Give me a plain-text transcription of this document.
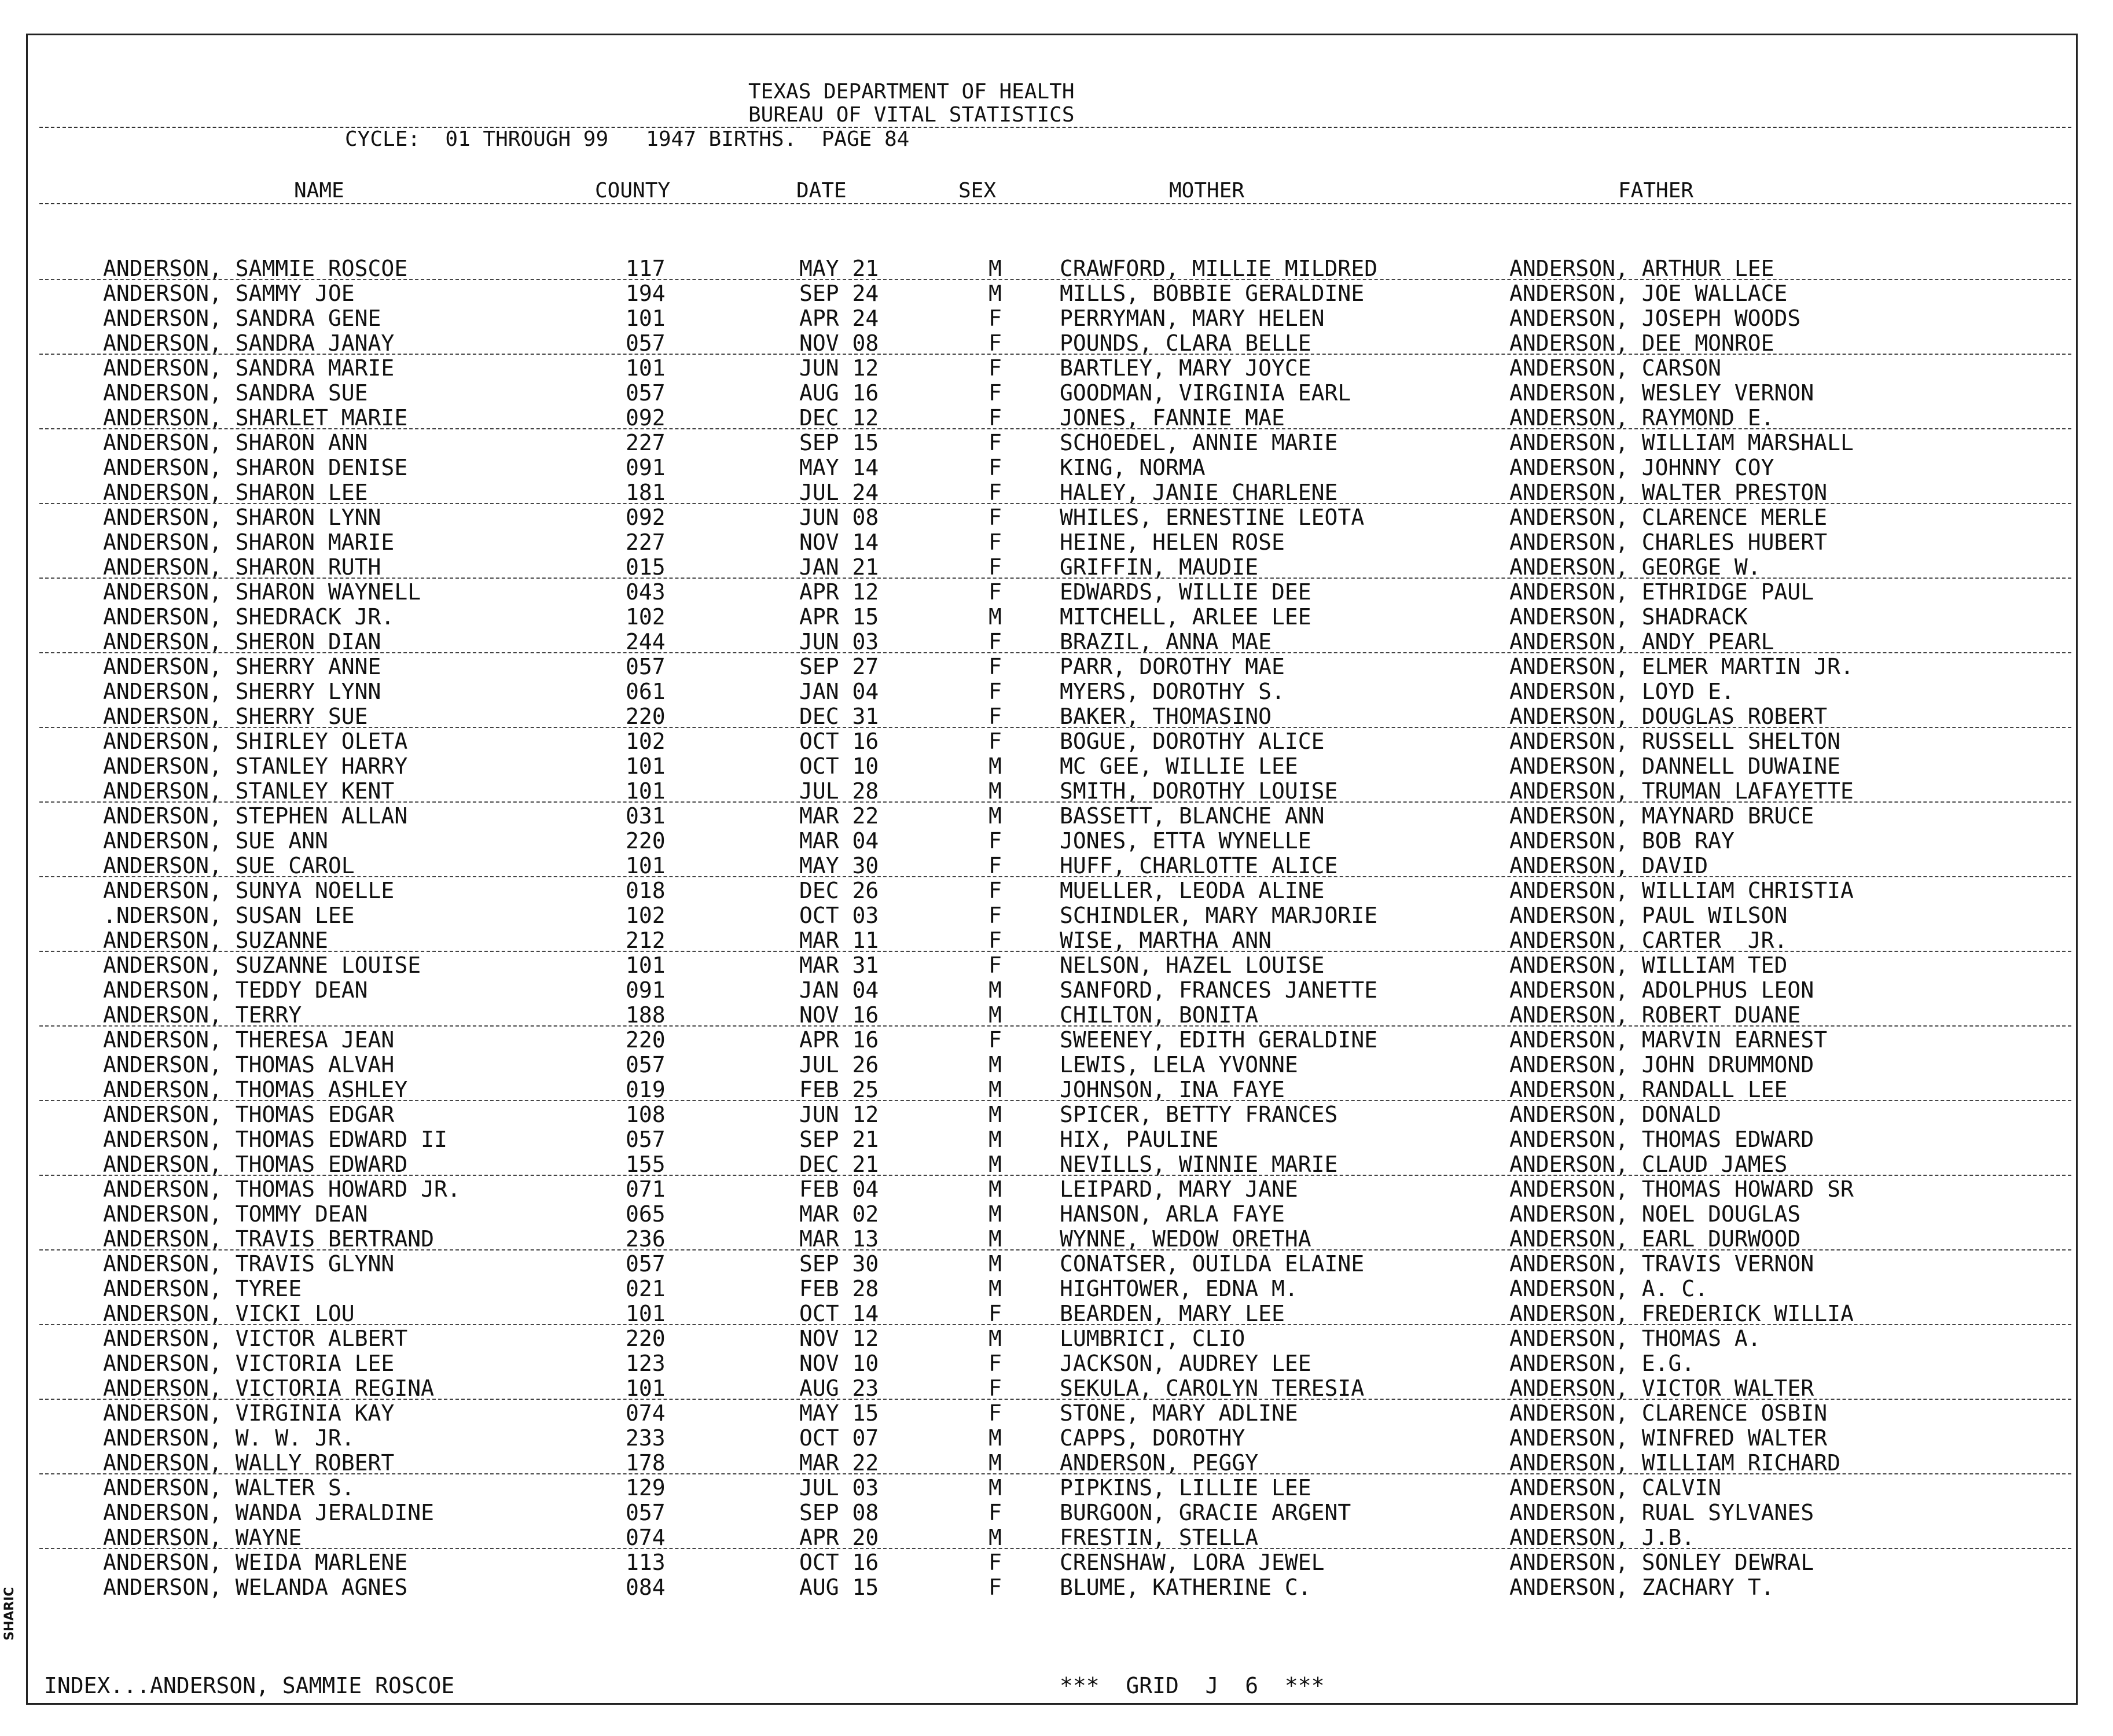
TEXAS DEPARTMENT OF HEALTH
BUREAU OF VITAL STATISTICS
CYCLE:  01 THROUGH 99   1947 BIRTHS.  PAGE 84
NAME	COUNTY	DATE	SEX	MOTHER	FATHER
ANDERSON, SAMMIE ROSCOE	117	MAY 21	M	CRAWFORD, MILLIE MILDRED	ANDERSON, ARTHUR LEE
ANDERSON, SAMMY JOE	194	SEP 24	M	MILLS, BOBBIE GERALDINE	ANDERSON, JOE WALLACE
ANDERSON, SANDRA GENE	101	APR 24	F	PERRYMAN, MARY HELEN	ANDERSON, JOSEPH WOODS
ANDERSON, SANDRA JANAY	057	NOV 08	F	POUNDS, CLARA BELLE	ANDERSON, DEE MONROE
ANDERSON, SANDRA MARIE	101	JUN 12	F	BARTLEY, MARY JOYCE	ANDERSON, CARSON
ANDERSON, SANDRA SUE	057	AUG 16	F	GOODMAN, VIRGINIA EARL	ANDERSON, WESLEY VERNON
ANDERSON, SHARLET MARIE	092	DEC 12	F	JONES, FANNIE MAE	ANDERSON, RAYMOND E.
ANDERSON, SHARON ANN	227	SEP 15	F	SCHOEDEL, ANNIE MARIE	ANDERSON, WILLIAM MARSHALL
ANDERSON, SHARON DENISE	091	MAY 14	F	KING, NORMA	ANDERSON, JOHNNY COY
ANDERSON, SHARON LEE	181	JUL 24	F	HALEY, JANIE CHARLENE	ANDERSON, WALTER PRESTON
ANDERSON, SHARON LYNN	092	JUN 08	F	WHILES, ERNESTINE LEOTA	ANDERSON, CLARENCE MERLE
ANDERSON, SHARON MARIE	227	NOV 14	F	HEINE, HELEN ROSE	ANDERSON, CHARLES HUBERT
ANDERSON, SHARON RUTH	015	JAN 21	F	GRIFFIN, MAUDIE	ANDERSON, GEORGE W.
ANDERSON, SHARON WAYNELL	043	APR 12	F	EDWARDS, WILLIE DEE	ANDERSON, ETHRIDGE PAUL
ANDERSON, SHEDRACK JR.	102	APR 15	M	MITCHELL, ARLEE LEE	ANDERSON, SHADRACK
ANDERSON, SHERON DIAN	244	JUN 03	F	BRAZIL, ANNA MAE	ANDERSON, ANDY PEARL
ANDERSON, SHERRY ANNE	057	SEP 27	F	PARR, DOROTHY MAE	ANDERSON, ELMER MARTIN JR.
ANDERSON, SHERRY LYNN	061	JAN 04	F	MYERS, DOROTHY S.	ANDERSON, LOYD E.
ANDERSON, SHERRY SUE	220	DEC 31	F	BAKER, THOMASINO	ANDERSON, DOUGLAS ROBERT
ANDERSON, SHIRLEY OLETA	102	OCT 16	F	BOGUE, DOROTHY ALICE	ANDERSON, RUSSELL SHELTON
ANDERSON, STANLEY HARRY	101	OCT 10	M	MC GEE, WILLIE LEE	ANDERSON, DANNELL DUWAINE
ANDERSON, STANLEY KENT	101	JUL 28	M	SMITH, DOROTHY LOUISE	ANDERSON, TRUMAN LAFAYETTE
ANDERSON, STEPHEN ALLAN	031	MAR 22	M	BASSETT, BLANCHE ANN	ANDERSON, MAYNARD BRUCE
ANDERSON, SUE ANN	220	MAR 04	F	JONES, ETTA WYNELLE	ANDERSON, BOB RAY
ANDERSON, SUE CAROL	101	MAY 30	F	HUFF, CHARLOTTE ALICE	ANDERSON, DAVID
ANDERSON, SUNYA NOELLE	018	DEC 26	F	MUELLER, LEODA ALINE	ANDERSON, WILLIAM CHRISTIA
.NDERSON, SUSAN LEE	102	OCT 03	F	SCHINDLER, MARY MARJORIE	ANDERSON, PAUL WILSON
ANDERSON, SUZANNE	212	MAR 11	F	WISE, MARTHA ANN	ANDERSON, CARTER  JR.
ANDERSON, SUZANNE LOUISE	101	MAR 31	F	NELSON, HAZEL LOUISE	ANDERSON, WILLIAM TED
ANDERSON, TEDDY DEAN	091	JAN 04	M	SANFORD, FRANCES JANETTE	ANDERSON, ADOLPHUS LEON
ANDERSON, TERRY	188	NOV 16	M	CHILTON, BONITA	ANDERSON, ROBERT DUANE
ANDERSON, THERESA JEAN	220	APR 16	F	SWEENEY, EDITH GERALDINE	ANDERSON, MARVIN EARNEST
ANDERSON, THOMAS ALVAH	057	JUL 26	M	LEWIS, LELA YVONNE	ANDERSON, JOHN DRUMMOND
ANDERSON, THOMAS ASHLEY	019	FEB 25	M	JOHNSON, INA FAYE	ANDERSON, RANDALL LEE
ANDERSON, THOMAS EDGAR	108	JUN 12	M	SPICER, BETTY FRANCES	ANDERSON, DONALD
ANDERSON, THOMAS EDWARD II	057	SEP 21	M	HIX, PAULINE	ANDERSON, THOMAS EDWARD
ANDERSON, THOMAS EDWARD	155	DEC 21	M	NEVILLS, WINNIE MARIE	ANDERSON, CLAUD JAMES
ANDERSON, THOMAS HOWARD JR.	071	FEB 04	M	LEIPARD, MARY JANE	ANDERSON, THOMAS HOWARD SR
ANDERSON, TOMMY DEAN	065	MAR 02	M	HANSON, ARLA FAYE	ANDERSON, NOEL DOUGLAS
ANDERSON, TRAVIS BERTRAND	236	MAR 13	M	WYNNE, WEDOW ORETHA	ANDERSON, EARL DURWOOD
ANDERSON, TRAVIS GLYNN	057	SEP 30	M	CONATSER, OUILDA ELAINE	ANDERSON, TRAVIS VERNON
ANDERSON, TYREE	021	FEB 28	M	HIGHTOWER, EDNA M.	ANDERSON, A. C.
ANDERSON, VICKI LOU	101	OCT 14	F	BEARDEN, MARY LEE	ANDERSON, FREDERICK WILLIA
ANDERSON, VICTOR ALBERT	220	NOV 12	M	LUMBRICI, CLIO	ANDERSON, THOMAS A.
ANDERSON, VICTORIA LEE	123	NOV 10	F	JACKSON, AUDREY LEE	ANDERSON, E.G.
ANDERSON, VICTORIA REGINA	101	AUG 23	F	SEKULA, CAROLYN TERESIA	ANDERSON, VICTOR WALTER
ANDERSON, VIRGINIA KAY	074	MAY 15	F	STONE, MARY ADLINE	ANDERSON, CLARENCE OSBIN
ANDERSON, W. W. JR.	233	OCT 07	M	CAPPS, DOROTHY	ANDERSON, WINFRED WALTER
ANDERSON, WALLY ROBERT	178	MAR 22	M	ANDERSON, PEGGY	ANDERSON, WILLIAM RICHARD
ANDERSON, WALTER S.	129	JUL 03	M	PIPKINS, LILLIE LEE	ANDERSON, CALVIN
ANDERSON, WANDA JERALDINE	057	SEP 08	F	BURGOON, GRACIE ARGENT	ANDERSON, RUAL SYLVANES
ANDERSON, WAYNE	074	APR 20	M	FRESTIN, STELLA	ANDERSON, J.B.
ANDERSON, WEIDA MARLENE	113	OCT 16	F	CRENSHAW, LORA JEWEL	ANDERSON, SONLEY DEWRAL
ANDERSON, WELANDA AGNES	084	AUG 15	F	BLUME, KATHERINE C.	ANDERSON, ZACHARY T.
INDEX...ANDERSON, SAMMIE ROSCOE	***  GRID  J  6  ***
SHARIC
